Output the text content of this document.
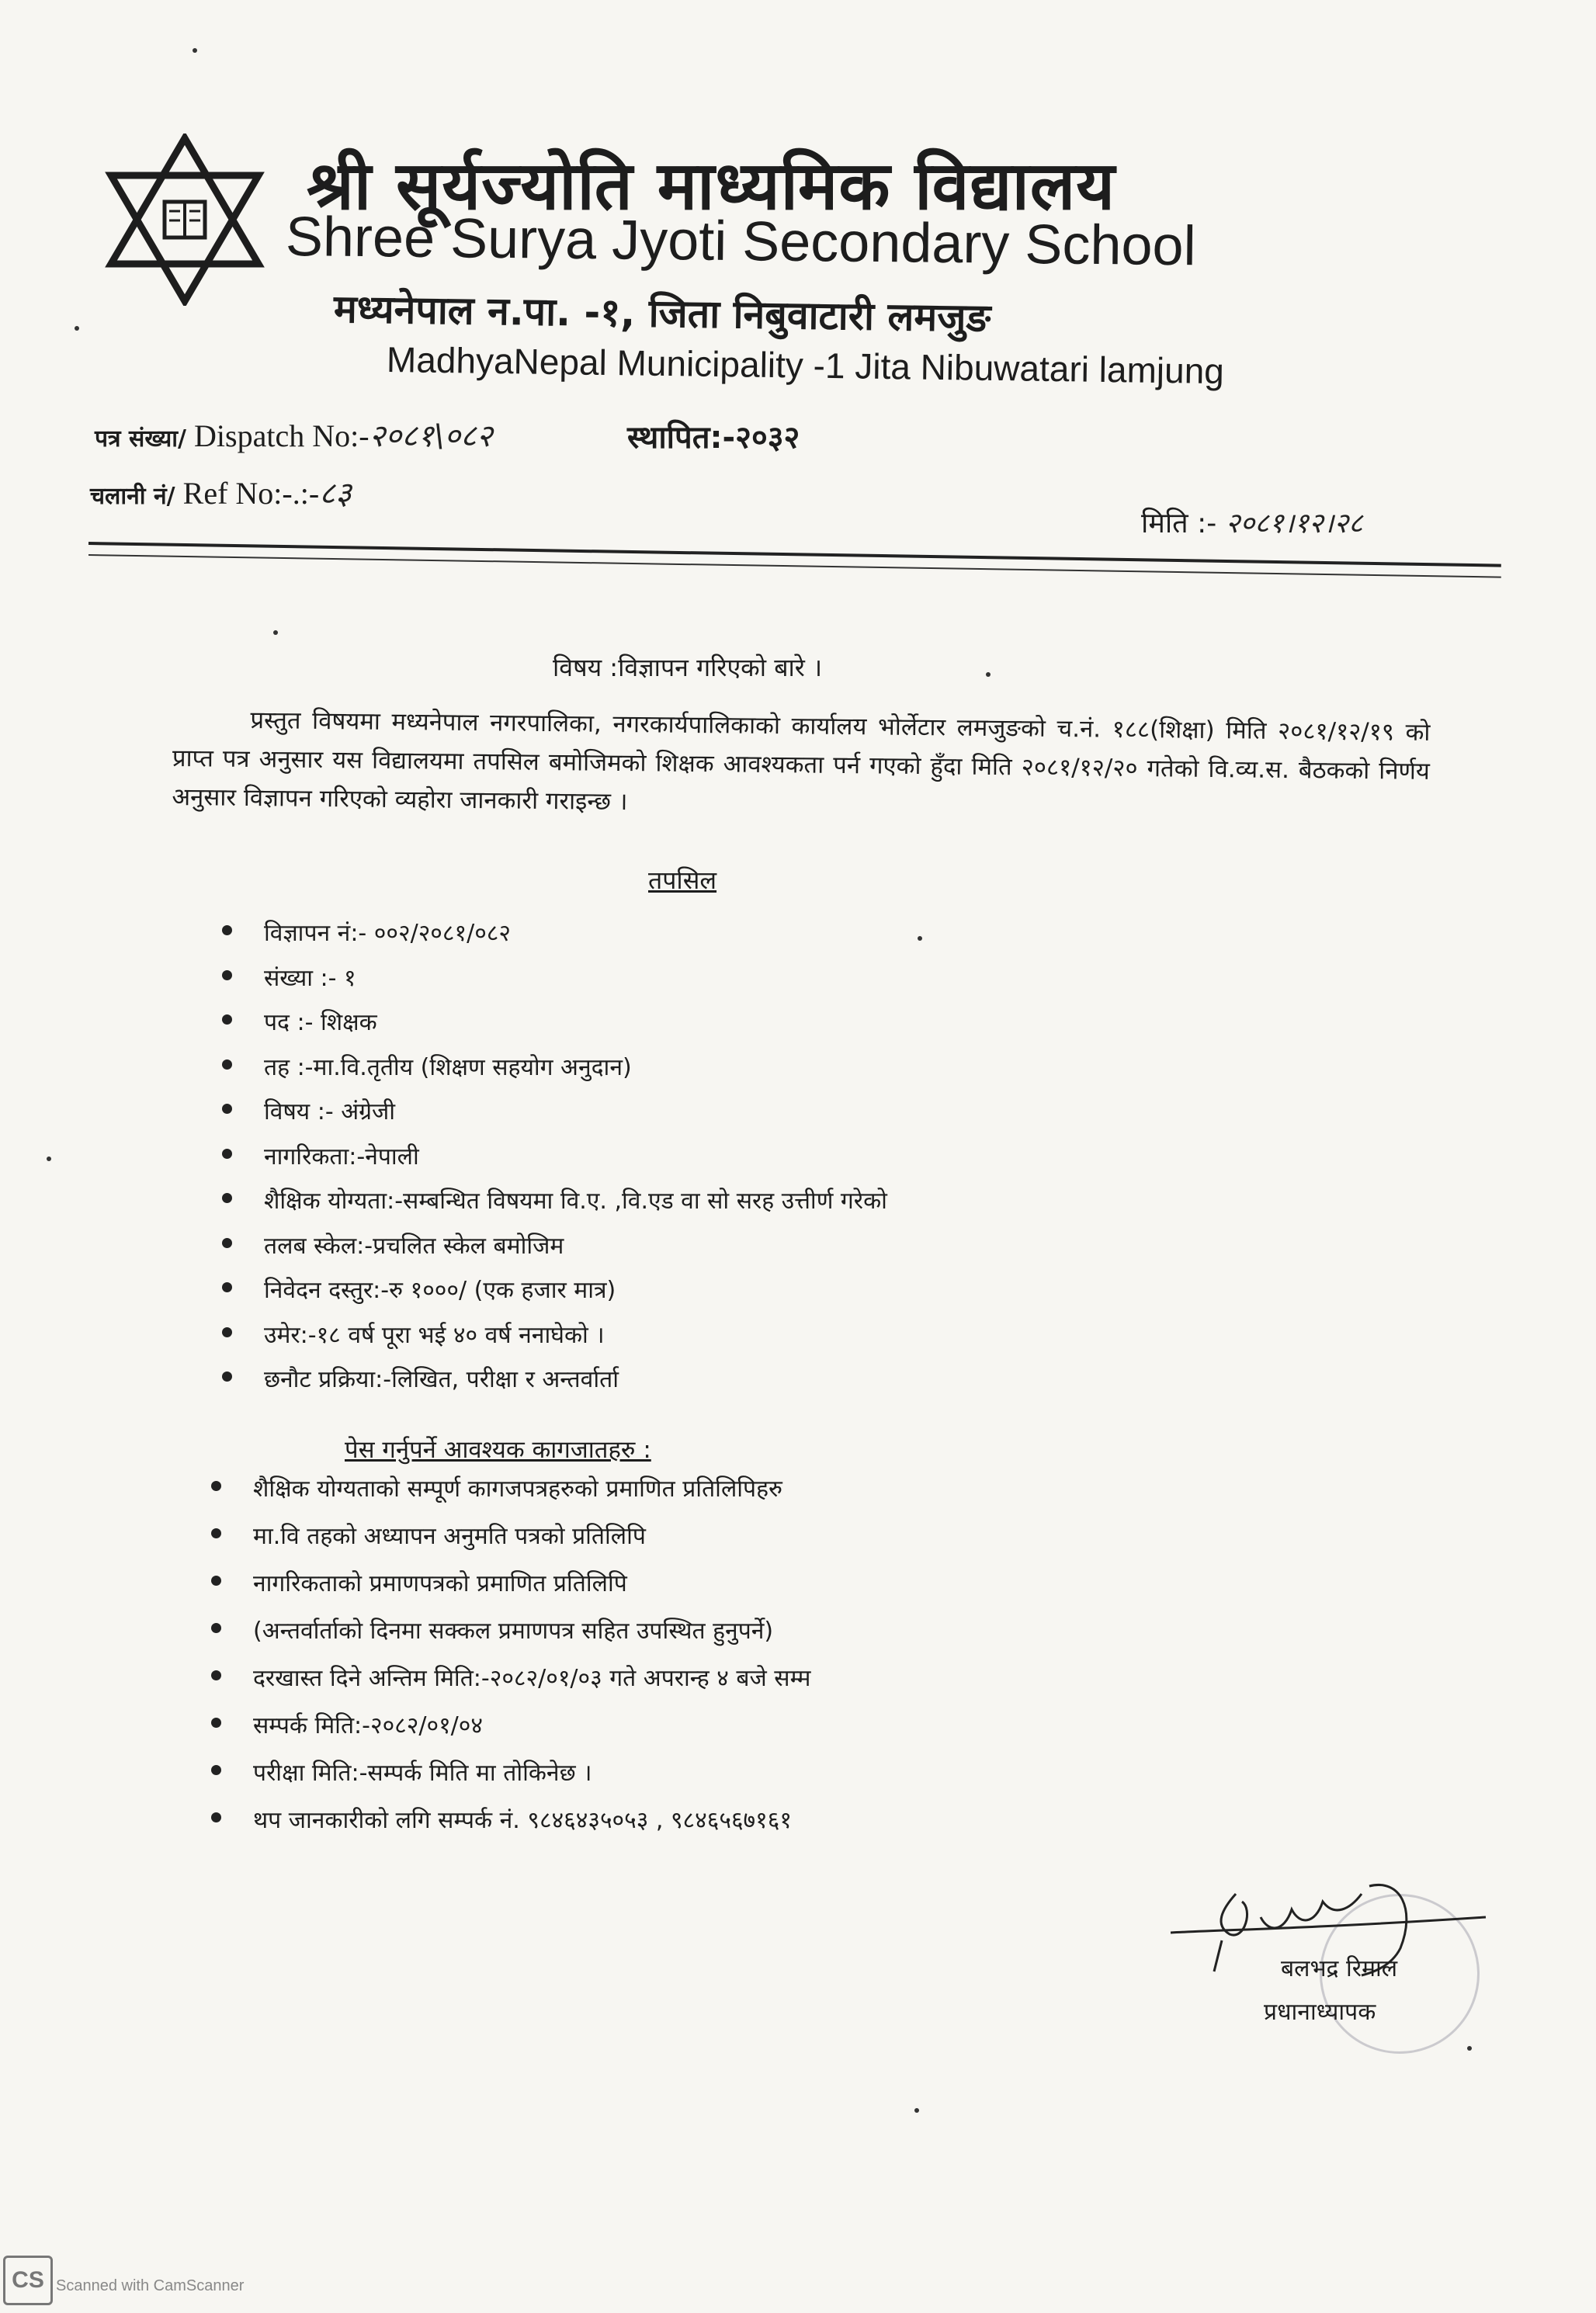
श्री सूर्यज्योति माध्यमिक विद्यालय
Shree Surya Jyoti Secondary School
मध्यनेपाल न.पा. -१, जिता निबुवाटारी लमजुङ
MadhyaNepal Municipality -1 Jita Nibuwatari lamjung
पत्र संख्या/ Dispatch No:-२०८१\०८२	स्थापित:-२०३२
चलानी नं/ Ref No:-.:-८३
मिति :- २०८१।१२।२८
विषय :विज्ञापन गरिएको बारे ।
प्रस्तुत विषयमा मध्यनेपाल नगरपालिका, नगरकार्यपालिकाको कार्यालय भोर्लेटार लमजुङको च.नं. १८८(शिक्षा) मिति २०८१/१२/१९ को प्राप्त पत्र अनुसार यस विद्यालयमा तपसिल बमोजिमको शिक्षक आवश्यकता पर्न गएको हुँदा मिति २०८१/१२/२० गतेको वि.व्य.स. बैठकको निर्णय अनुसार विज्ञापन गरिएको व्यहोरा जानकारी गराइन्छ ।
तपसिल
विज्ञापन नं:- ००२/२०८१/०८२
संख्या :- १
पद :- शिक्षक
तह :-मा.वि.तृतीय (शिक्षण सहयोग अनुदान)
विषय :- अंग्रेजी
नागरिकता:-नेपाली
शैक्षिक योग्यता:-सम्बन्धित विषयमा वि.ए. ,वि.एड वा सो सरह उत्तीर्ण गरेको
तलब स्केल:-प्रचलित स्केल बमोजिम
निवेदन दस्तुर:-रु १०००/ (एक हजार मात्र)
उमेर:-१८ वर्ष पूरा भई ४० वर्ष ननाघेको ।
छनौट प्रक्रिया:-लिखित, परीक्षा र अन्तर्वार्ता
पेस गर्नुपर्ने आवश्यक कागजातहरु :
शैक्षिक योग्यताको सम्पूर्ण कागजपत्रहरुको प्रमाणित प्रतिलिपिहरु
मा.वि तहको अध्यापन अनुमति पत्रको प्रतिलिपि
नागरिकताको प्रमाणपत्रको प्रमाणित प्रतिलिपि
(अन्तर्वार्ताको दिनमा सक्कल प्रमाणपत्र सहित उपस्थित हुनुपर्ने)
दरखास्त दिने अन्तिम मिति:-२०८२/०१/०३ गते अपरान्ह ४ बजे सम्म
सम्पर्क मिति:-२०८२/०१/०४
परीक्षा मिति:-सम्पर्क मिति मा तोकिनेछ ।
थप जानकारीको लगि सम्पर्क नं. ९८४६४३५०५३ , ९८४६५६७१६१
बलभद्र रिमाल
प्रधानाध्यापक
CS Scanned with CamScanner
